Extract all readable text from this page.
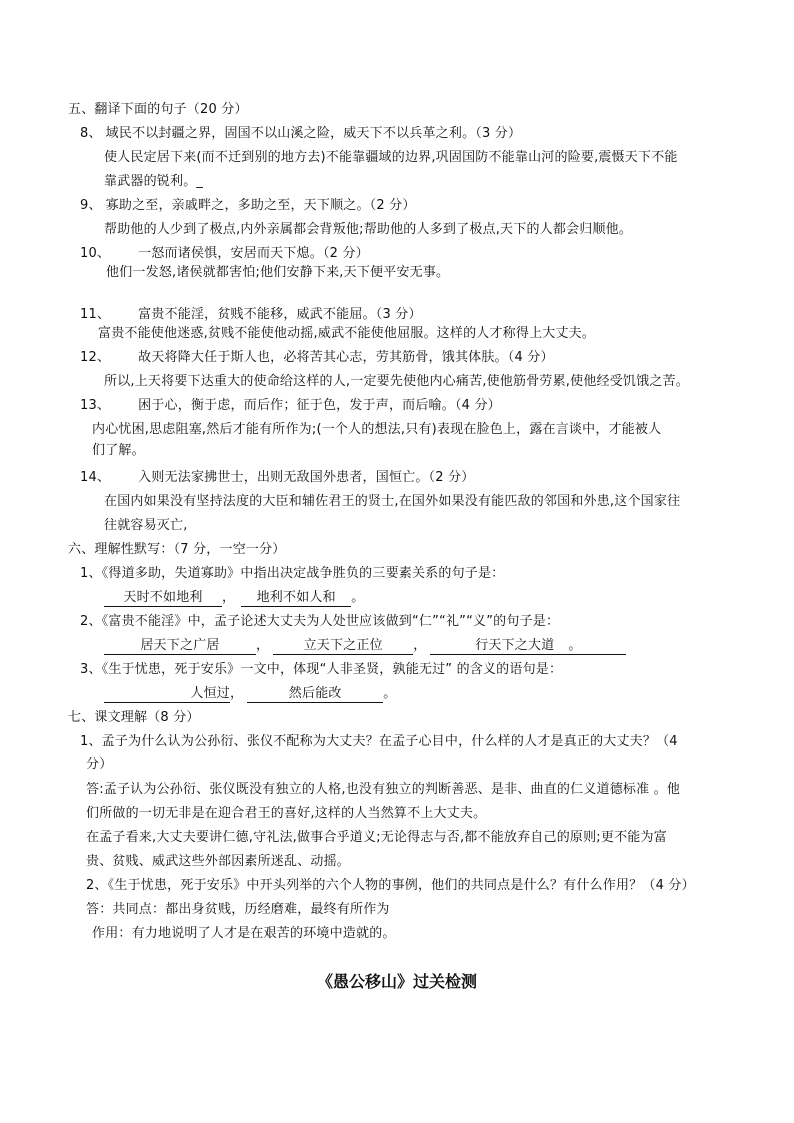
五、翻译下面的句子（20 分）
8、 域民不以封疆之界，固国不以山溪之险，威天下不以兵革之利。（3 分）
使人民定居下来(而不迁到别的地方去)不能靠疆域的边界,巩固国防不能靠山河的险要,震慑天下不能
靠武器的锐利。_
9、 寡助之至，亲戚畔之，多助之至，天下顺之。（2 分）
帮助他的人少到了极点,内外亲属都会背叛他;帮助他的人多到了极点,天下的人都会归顺他。
10、 一怒而诸侯惧，安居而天下熄。（2 分）
他们一发怒,诸侯就都害怕;他们安静下来,天下便平安无事。
11、 富贵不能淫，贫贱不能移，威武不能屈。（3 分）
富贵不能使他迷惑,贫贱不能使他动摇,威武不能使他屈服。这样的人才称得上大丈夫。
12、 故天将降大任于斯人也，必将苦其心志，劳其筋骨，饿其体肤。（4 分）
所以,上天将要下达重大的使命给这样的人,一定要先使他内心痛苦,使他筋骨劳累,使他经受饥饿之苦。
13、 困于心，衡于虑，而后作；征于色，发于声，而后喻。（4 分）
内心忧困,思虑阻塞,然后才能有所作为;(一个人的想法,只有)表现在脸色上，露在言谈中，才能被人
们了解。
14、 入则无法家拂世士，出则无敌国外患者，国恒亡。（2 分）
在国内如果没有坚持法度的大臣和辅佐君王的贤士,在国外如果没有能匹敌的邻国和外患,这个国家往
往就容易灭亡,
六、理解性默写：（7 分，一空一分）
1、《得道多助，失道寡助》中指出决定战争胜负的三要素关系的句子是：
天时不如地利 ， 地利不如人和 。
2、《富贵不能淫》中，孟子论述大丈夫为人处世应该做到“仁”“礼”“义”的句子是：
居天下之广居	，	立天下之正位 ，	行天下之大道 。
3、《生于忧患，死于安乐》一文中，体现“人非圣贤，孰能无过” 的含义的语句是：
人恒过，	然后能改	。
七、课文理解（8 分）
1、孟子为什么认为公孙衍、张仪不配称为大丈夫？在孟子心目中，什么样的人才是真正的大丈夫？（4
分）
答:孟子认为公孙衍、张仪既没有独立的人格,也没有独立的判断善恶、是非、曲直的仁义道德标准 。他
们所做的一切无非是在迎合君王的喜好,这样的人当然算不上大丈夫。
在孟子看来,大丈夫要讲仁德,守礼法,做事合乎道义;无论得志与否,都不能放弃自己的原则;更不能为富
贵、贫贱、威武这些外部因素所迷乱、动摇。
2、《生于忧患，死于安乐》中开头列举的六个人物的事例，他们的共同点是什么？有什么作用？（4 分）
答：共同点：都出身贫贱，历经磨难，最终有所作为
作用：有力地说明了人才是在艰苦的环境中造就的。
《愚公移山》过关检测
